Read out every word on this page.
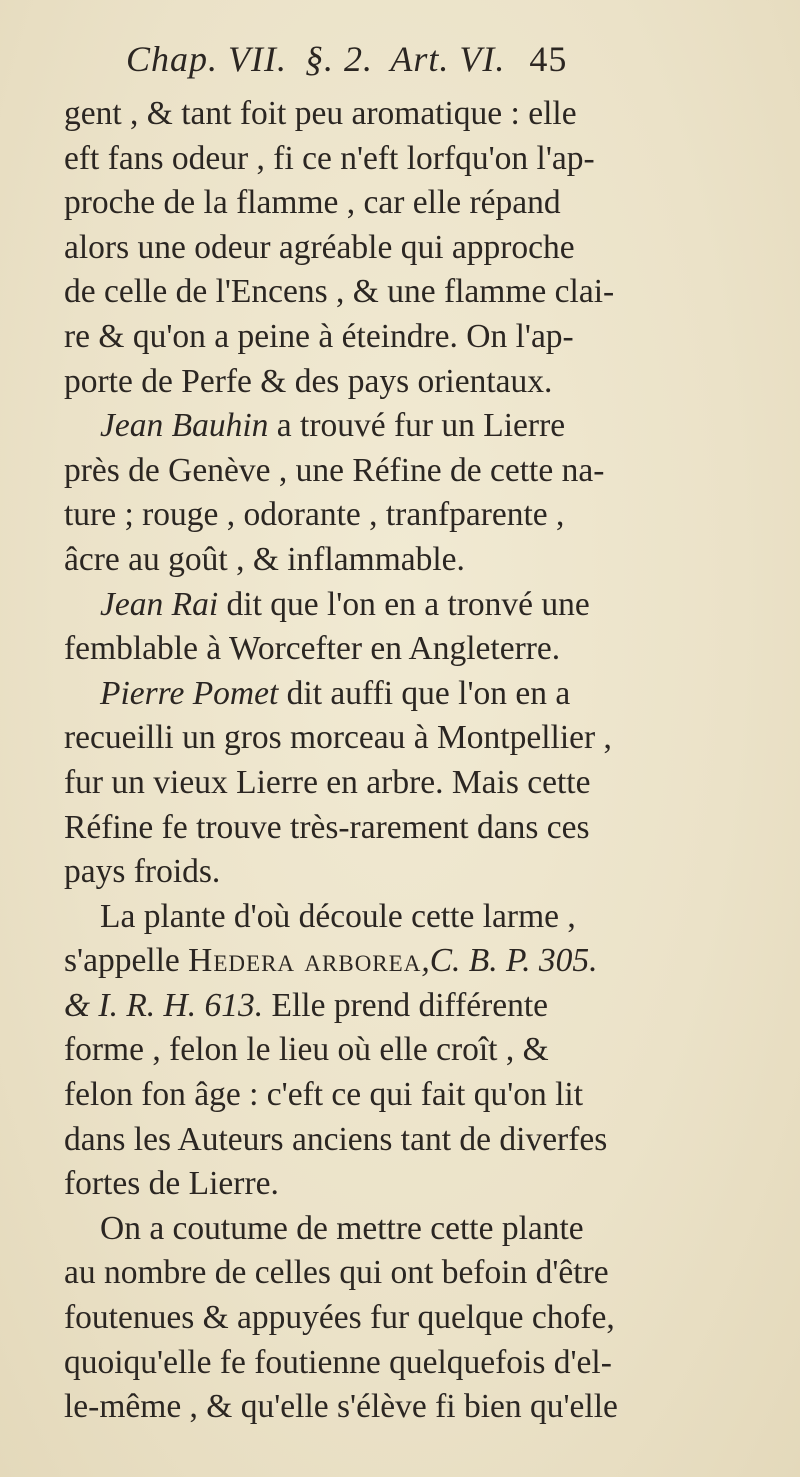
Chap. VII. §. 2. Art. VI. 45
gent , & tant foit peu aromatique : elle
eft fans odeur , fi ce n'eft lorfqu'on l'ap-
proche de la flamme , car elle répand
alors une odeur agréable qui approche
de celle de l'Encens , & une flamme clai-
re & qu'on a peine à éteindre. On l'ap-
porte de Perfe & des pays orientaux.
Jean Bauhin a trouvé fur un Lierre
près de Genève , une Réfine de cette na-
ture ; rouge , odorante , tranfparente ,
âcre au goût , & inflammable.
Jean Rai dit que l'on en a tronvé une
femblable à Worcefter en Angleterre.
Pierre Pomet dit auffi que l'on en a
recueilli un gros morceau à Montpellier ,
fur un vieux Lierre en arbre. Mais cette
Réfine fe trouve très-rarement dans ces
pays froids.
La plante d'où découle cette larme ,
s'appelle Hedera arborea,C. B. P. 305.
& I. R. H. 613. Elle prend différente
forme , felon le lieu où elle croît , &
felon fon âge : c'eft ce qui fait qu'on lit
dans les Auteurs anciens tant de diverfes
fortes de Lierre.
On a coutume de mettre cette plante
au nombre de celles qui ont befoin d'être
foutenues & appuyées fur quelque chofe,
quoiqu'elle fe foutienne quelquefois d'el-
le-même , & qu'elle s'élève fi bien qu'elle
